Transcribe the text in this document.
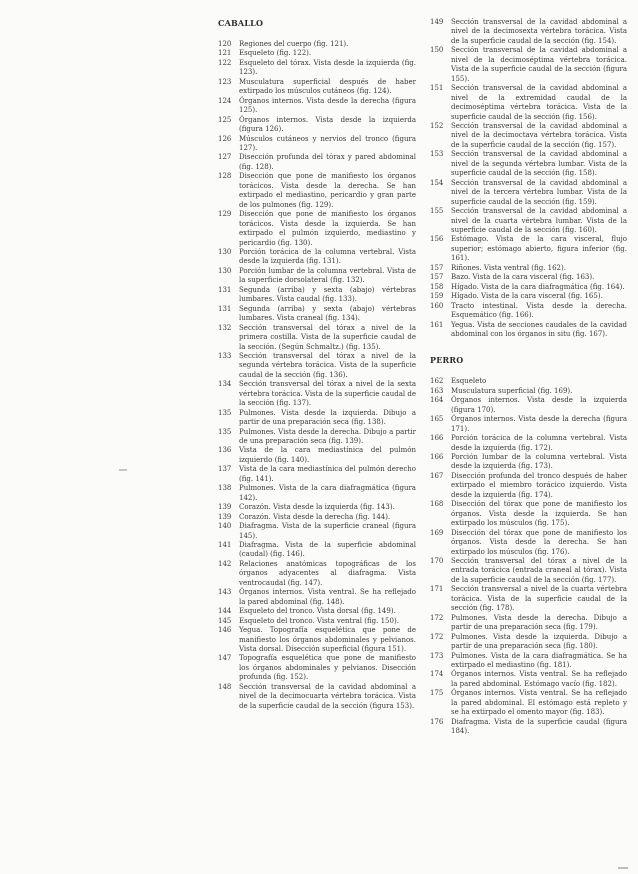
CABALLO
120	Regiones del cuerpo (fig. 121).
121	Esqueleto (fig. 122).
122	Esqueleto del tórax. Vista desde la izquierda (fig. 123).
123	Musculatura superficial después de haber extirpado los músculos cutáneos (fig. 124).
124	Órganos internos. Vista desde la derecha (figura 125).
125	Órganos internos. Vista desde la izquierda (figura 126).
126	Músculos cutáneos y nervios del tronco (figura 127).
127	Disección profunda del tórax y pared abdominal (fig. 128).
128	Disección que pone de manifiesto los órganos torácicos. Vista desde la derecha. Se han extirpado el mediastino, pericardio y gran parte de los pulmones (fig. 129).
129	Disección que pone de manifiesto los órganos torácicos. Vista desde la izquierda. Se han extirpado el pulmón izquierdo, mediastino y pericardio (fig. 130).
130	Porción torácica de la columna vertebral. Vista desde la izquierda (fig. 131).
130	Porción lumbar de la columna vertebral. Vista de la superficie dorsolateral (fig. 132).
131	Segunda (arriba) y sexta (abajo) vértebras lumbares. Vista caudal (fig. 133).
131	Segunda (arriba) y sexta (abajo) vértebras lumbares. Vista craneal (fig. 134).
132	Sección transversal del tórax a nivel de la primera costilla. Vista de la superficie caudal de la sección. (Según Schmaltz.) (fig. 135).
133	Sección transversal del tórax a nivel de la segunda vértebra torácica. Vista de la superficie caudal de la sección (fig. 136).
134	Sección transversal del tórax a nivel de la sexta vértebra torácica. Vista de la superficie caudal de la sección (fig. 137).
135	Pulmones. Vista desde la izquierda. Dibujo a partir de una preparación seca (fig. 138).
135	Pulmones. Vista desde la derecha. Dibujo a partir de una preparación seca (fig. 139).
136	Vista de la cara mediastínica del pulmón izquierdo (fig. 140).
137	Vista de la cara mediastínica del pulmón derecho (fig. 141).
138	Pulmones. Vista de la cara diafragmática (figura 142).
139	Corazón. Vista desde la izquierda (fig. 143).
139	Corazón. Vista desde la derecha (fig. 144).
140	Diafragma. Vista de la superficie craneal (figura 145).
141	Diafragma. Vista de la superficie abdominal (caudal) (fig. 146).
142	Relaciones anatómicas topográficas de los órganos adyacentes al diafragma. Vista ventrocaudal (fig. 147).
143	Órganos internos. Vista ventral. Se ha reflejado la pared abdominal (fig. 148).
144	Esqueleto del tronco. Vista dorsal (fig. 149).
145	Esqueleto del tronco. Vista ventral (fig. 150).
146	Yegua. Topografía esquelética que pone de manifiesto los órganos abdominales y pelvianos. Vista dorsal. Disección superficial (figura 151).
147	Topografía esquelética que pone de manifiesto los órganos abdominales y pelvianos. Disección profunda (fig. 152).
148	Sección transversal de la cavidad abdominal a nivel de la decimocuarta vértebra torácica. Vista de la superficie caudal de la sección (figura 153).
149	Sección transversal de la cavidad abdominal a nivel de la decimosexta vértebra torácica. Vista de la superficie caudal de la sección (fig. 154).
150	Sección transversal de la cavidad abdominal a nivel de la decimoséptima vértebra torácica. Vista de la superficie caudal de la sección (figura 155).
151	Sección transversal de la cavidad abdominal a nivel de la extremidad caudal de la decimoséptima vértebra torácica. Vista de la superficie caudal de la sección (fig. 156).
152	Sección transversal de la cavidad abdominal a nivel de la decimoctava vértebra torácica. Vista de la superficie caudal de la sección (fig. 157).
153	Sección transversal de la cavidad abdominal a nivel de la segunda vértebra lumbar. Vista de la superficie caudal de la sección (fig. 158).
154	Sección transversal de la cavidad abdominal a nivel de la tercera vértebra lumbar. Vista de la superficie caudal de la sección (fig. 159).
155	Sección transversal de la cavidad abdominal a nivel de la cuarta vértebra lumbar. Vista de la superficie caudal de la sección (fig. 160).
156	Estómago. Vista de la cara visceral, flujo superior; estómago abierto, figura inferior (fig. 161).
157	Riñones. Vista ventral (fig. 162).
157	Bazo. Vista de la cara visceral (fig. 163).
158	Hígado. Vista de la cara diafragmática (fig. 164).
159	Hígado. Vista de la cara visceral (fig. 165).
160	Tracto intestinal. Vista desde la derecha. Esquemático (fig. 166).
161	Yegua. Vista de secciones caudales de la cavidad abdominal con los órganos in situ (fig. 167).
PERRO
162	Esqueleto
163	Musculatura superficial (fig. 169).
164	Órganos internos. Vista desde la izquierda (figura 170).
165	Órganos internos. Vista desde la derecha (figura 171).
166	Porción torácica de la columna vertebral. Vista desde la izquierda (fig. 172).
166	Porción lumbar de la columna vertebral. Vista desde la izquierda (fig. 173).
167	Disección profunda del tronco después de haber extirpado el miembro torácico izquierdo. Vista desde la izquierda (fig. 174).
168	Disección del tórax que pone de manifiesto los órganos. Vista desde la izquierda. Se han extirpado los músculos (fig. 175).
169	Disección del tórax que pone de manifiesto los órganos. Vista desde la derecha. Se han extirpado los músculos (fig. 176).
170	Sección transversal del tórax a nivel de la entrada torácica (entrada craneal al tórax). Vista de la superficie caudal de la sección (fig. 177).
171	Sección transversal a nivel de la cuarta vértebra torácica. Vista de la superficie caudal de la sección (fig. 178).
172	Pulmones. Vista desde la derecha. Dibujo a partir de una preparación seca (fig. 179).
172	Pulmones. Vista desde la izquierda. Dibujo a partir de una preparación seca (fig. 180).
173	Pulmones. Vista de la cara diafragmática. Se ha extirpado el mediastino (fig. 181).
174	Órganos internos. Vista ventral. Se ha reflejado la pared abdominal. Estómago vacío (fig. 182).
175	Órganos internos. Vista ventral. Se ha reflejado la pared abdominal. El estómago está repleto y se ha extirpado el omento mayor (fig. 183).
176	Diafragma. Vista de la superficie caudal (figura 184).
